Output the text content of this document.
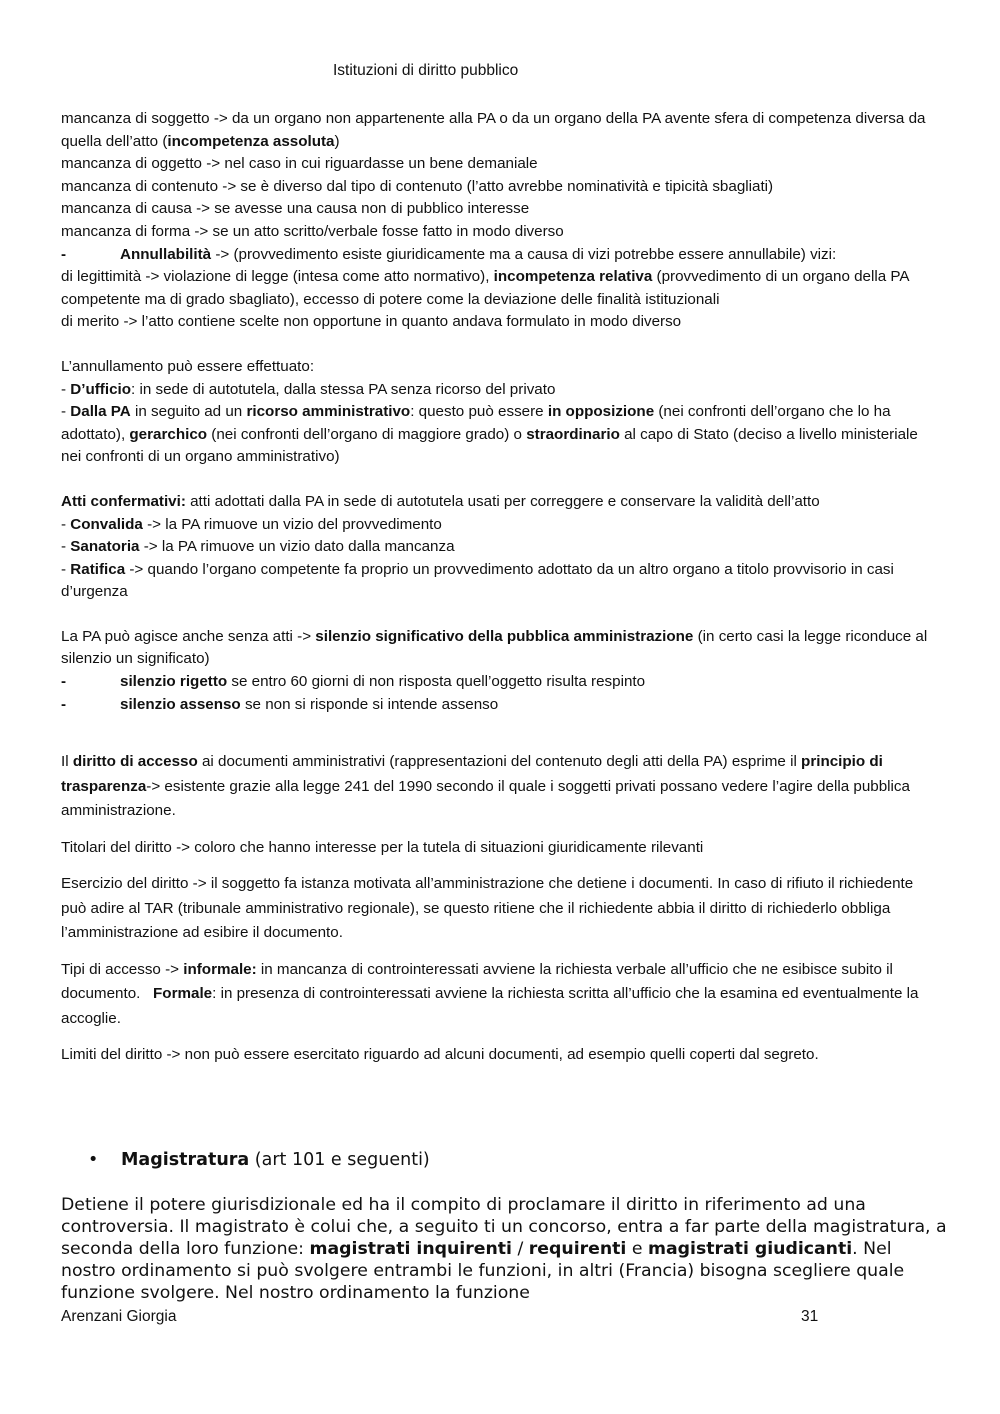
Istituzioni di diritto pubblico

mancanza di soggetto -> da un organo non appartenente alla PA o da un organo della PA avente sfera di competenza diversa da quella dell’atto (incompetenza assoluta)

mancanza di oggetto -> nel caso in cui riguardasse un bene demaniale

mancanza di contenuto -> se è diverso dal tipo di contenuto (l’atto avrebbe nominatività e tipicità sbagliati)

mancanza di causa -> se avesse una causa non di pubblico interesse

mancanza di forma -> se un atto scritto/verbale fosse fatto in modo diverso

-	Annullabilità -> (provvedimento esiste giuridicamente ma a causa di vizi potrebbe essere annullabile) vizi:

di legittimità -> violazione di legge (intesa come atto normativo), incompetenza relativa (provvedimento di un organo della PA competente ma di grado sbagliato), eccesso di potere come la deviazione delle finalità istituzionali

di merito -> l’atto contiene scelte non opportune in quanto andava formulato in modo diverso

L’annullamento può essere effettuato:

- D’ufficio: in sede di autotutela, dalla stessa PA senza ricorso del privato

- Dalla PA in seguito ad un ricorso amministrativo: questo può essere in opposizione (nei confronti dell’organo che lo ha adottato), gerarchico (nei confronti dell’organo di maggiore grado) o straordinario al capo di Stato (deciso a livello ministeriale nei confronti di un organo amministrativo)

Atti confermativi: atti adottati dalla PA in sede di autotutela usati per correggere e conservare la validità dell’atto

- Convalida -> la PA rimuove un vizio del provvedimento

- Sanatoria -> la PA rimuove un vizio dato dalla mancanza

- Ratifica -> quando l’organo competente fa proprio un provvedimento adottato da un altro organo a titolo provvisorio in casi d’urgenza

La PA può agisce anche senza atti -> silenzio significativo della pubblica amministrazione (in certo casi la legge riconduce al silenzio un significato)

-	silenzio rigetto se entro 60 giorni di non risposta quell’oggetto risulta respinto

-	silenzio assenso se non si risponde si intende assenso

Il diritto di accesso ai documenti amministrativi (rappresentazioni del contenuto degli atti della PA) esprime il principio di trasparenza-> esistente grazie alla legge 241 del 1990 secondo il quale i soggetti privati possano vedere l’agire della pubblica amministrazione.

Titolari del diritto -> coloro che hanno interesse per la tutela di situazioni giuridicamente rilevanti

Esercizio del diritto -> il soggetto fa istanza motivata all’amministrazione che detiene i documenti. In caso di rifiuto il richiedente può adire al TAR (tribunale amministrativo regionale), se questo ritiene che il richiedente abbia il diritto di richiederlo obbliga l’amministrazione ad esibire il documento.

Tipi di accesso -> informale: in mancanza di controinteressati avviene la richiesta verbale all’ufficio che ne esibisce subito il documento.   Formale: in presenza di controinteressati avviene la richiesta scritta all’ufficio che la esamina ed eventualmente la accoglie.

Limiti del diritto -> non può essere esercitato riguardo ad alcuni documenti, ad esempio quelli coperti dal segreto.

• Magistratura (art 101 e seguenti)

Detiene il potere giurisdizionale ed ha il compito di proclamare il diritto in riferimento ad una controversia. Il magistrato è colui che, a seguito ti un concorso, entra a far parte della magistratura, a seconda della loro funzione: magistrati inquirenti / requirenti e magistrati giudicanti. Nel nostro ordinamento si può svolgere entrambi le funzioni, in altri (Francia) bisogna scegliere quale funzione svolgere. Nel nostro ordinamento la funzione

Arenzani Giorgia	31
